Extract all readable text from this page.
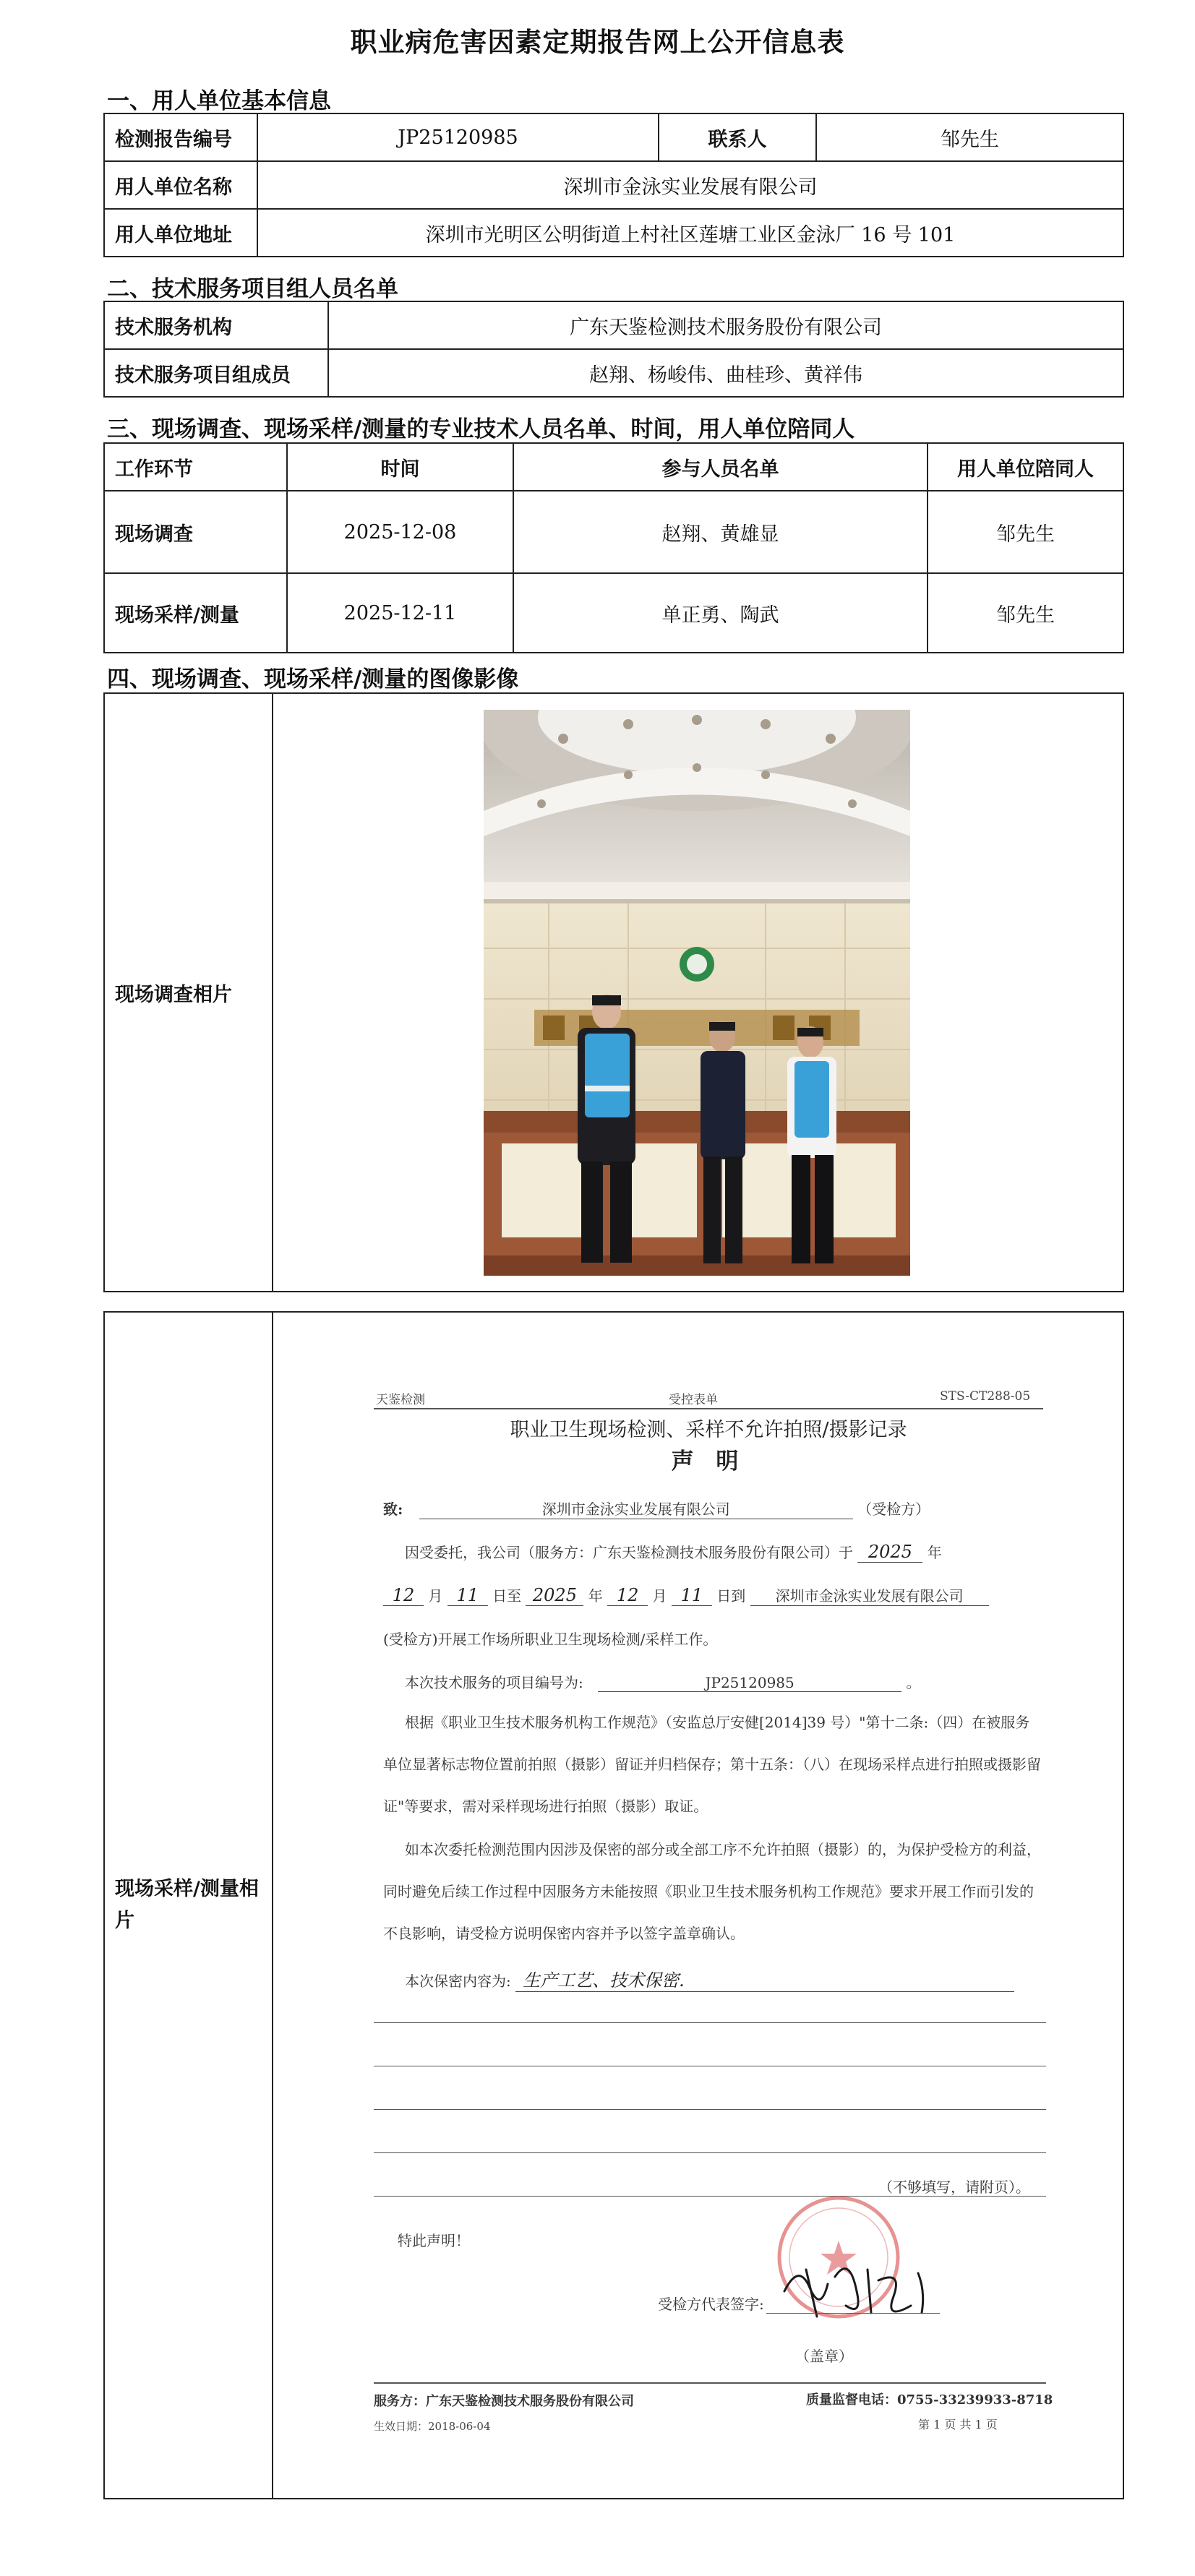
职业病危害因素定期报告网上公开信息表
一、用人单位基本信息
检测报告编号	JP25120985	联系人	邹先生
用人单位名称	深圳市金泳实业发展有限公司		
用人单位地址	深圳市光明区公明街道上村社区莲塘工业区金泳厂 16 号 101		
二、技术服务项目组人员名单
技术服务机构	广东天鉴检测技术服务股份有限公司
技术服务项目组成员	赵翔、杨峻伟、曲桂珍、黄祥伟
三、现场调查、现场采样/测量的专业技术人员名单、时间，用人单位陪同人
工作环节	时间	参与人员名单	用人单位陪同人
现场调查	2025-12-08	赵翔、黄雄显	邹先生
现场采样/测量	2025-12-11	单正勇、陶武	邹先生
四、现场调查、现场采样/测量的图像影像
现场调查相片	
现场采样/测量相片	
天鉴检测	受控表单	STS-CT288-05
职业卫生现场检测、采样不允许拍照/摄影记录
声 明
致:	深圳市金泳实业发展有限公司	（受检方）
因受委托，我公司（服务方：广东天鉴检测技术服务股份有限公司）于 2025 年
12 月 11 日至 2025 年 12 月 11 日到 深圳市金泳实业发展有限公司
(受检方)开展工作场所职业卫生现场检测/采样工作。
本次技术服务的项目编号为:	JP25120985	。
根据《职业卫生技术服务机构工作规范》（安监总厅安健[2014]39 号）"第十二条:（四）在被服务单位显著标志物位置前拍照（摄影）留证并归档保存；第十五条：（八）在现场采样点进行拍照或摄影留证"等要求，需对采样现场进行拍照（摄影）取证。
如本次委托检测范围内因涉及保密的部分或全部工序不允许拍照（摄影）的，为保护受检方的利益，同时避免后续工作过程中因服务方未能按照《职业卫生技术服务机构工作规范》要求开展工作而引发的不良影响，请受检方说明保密内容并予以签字盖章确认。
本次保密内容为: 生产工艺、技术保密.
（不够填写，请附页）。
特此声明！
受检方代表签字:
（盖章）
服务方：广东天鉴检测技术服务股份有限公司	质量监督电话：0755-33239933-8718
生效日期：2018-06-04	第 1 页 共 1 页
